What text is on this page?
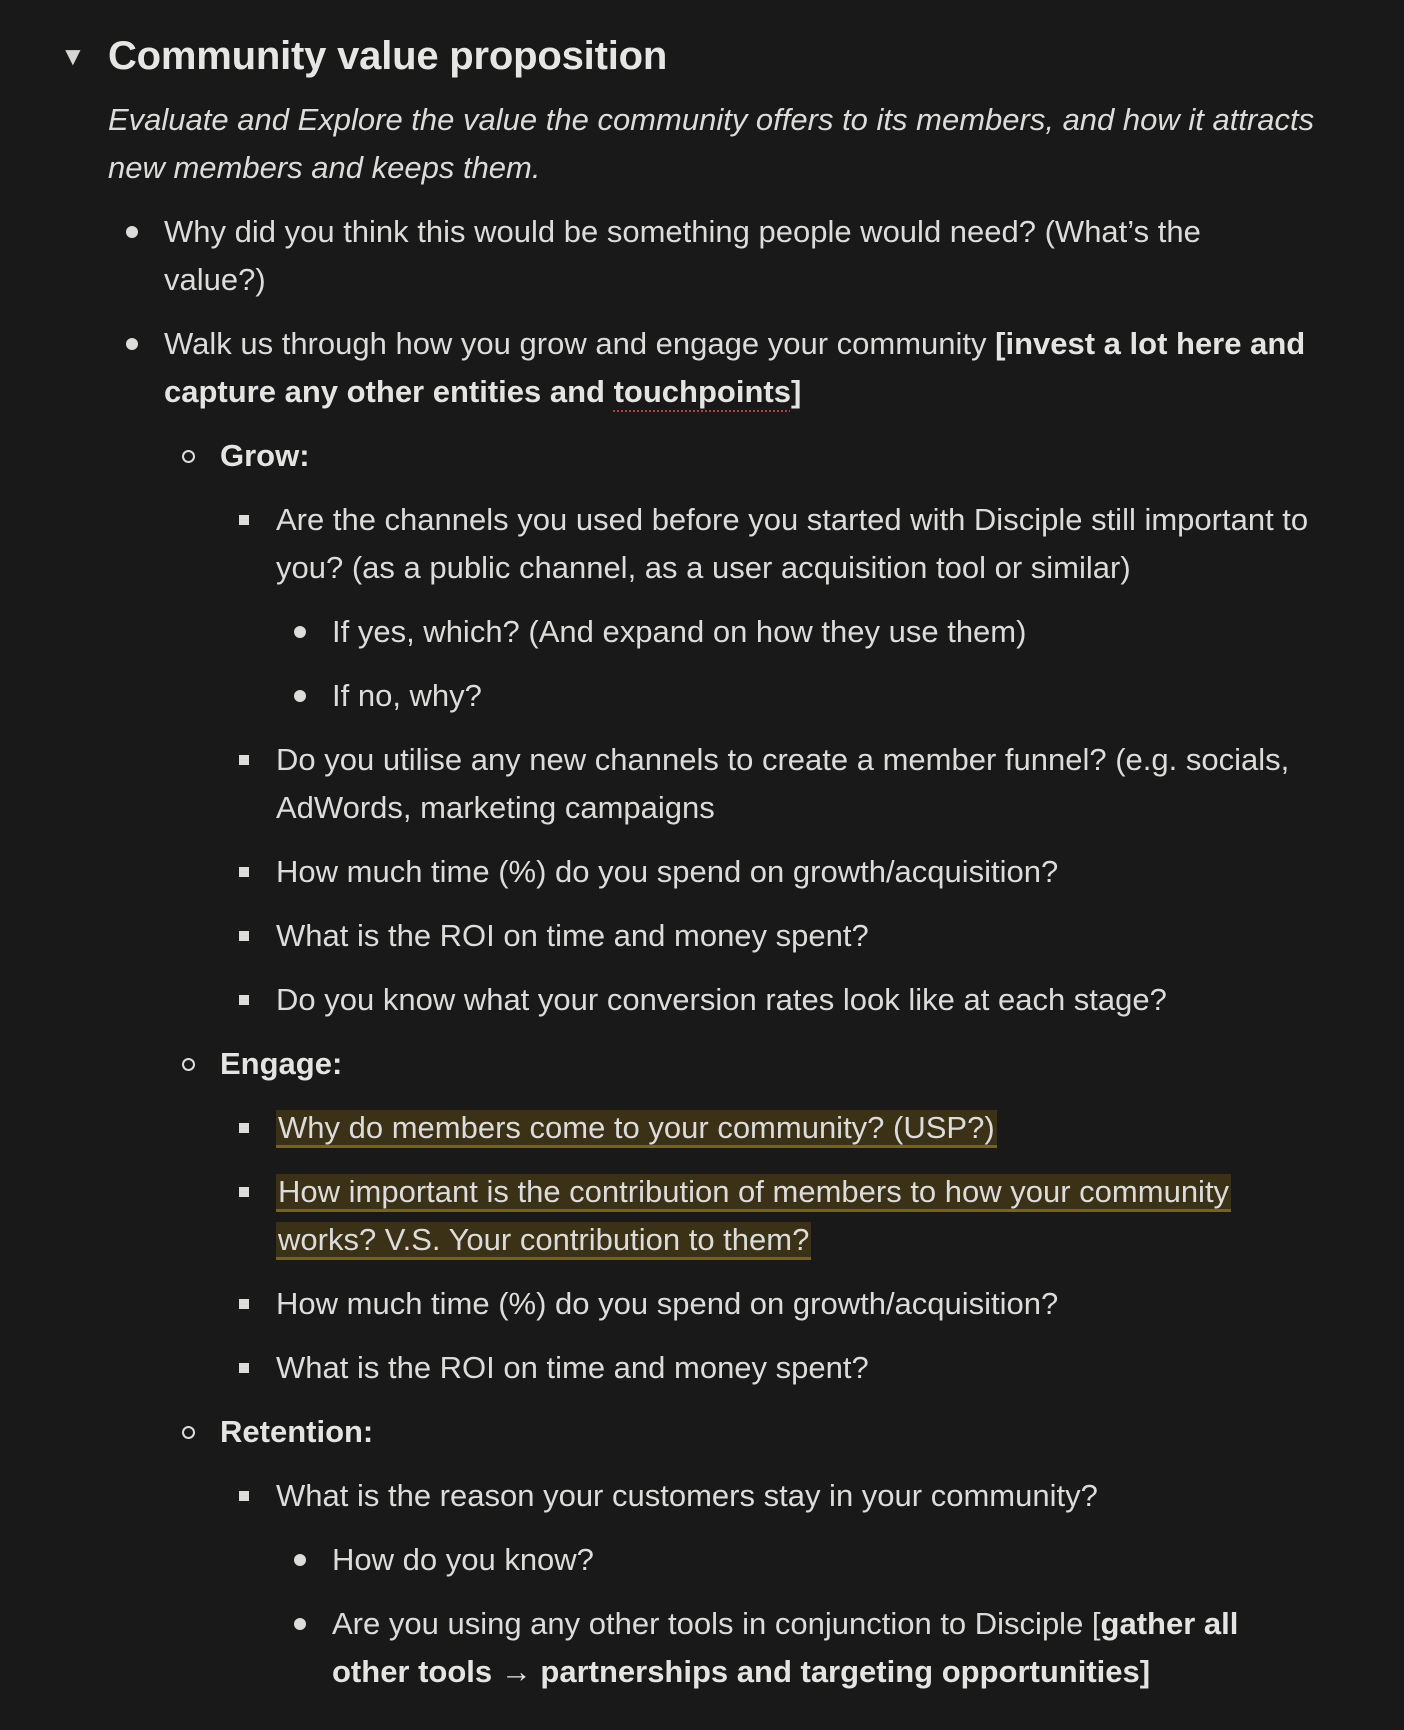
▼ Community value proposition
Evaluate and Explore the value the community offers to its members, and how it attracts new members and keeps them.
Why did you think this would be something people would need? (What’s the value?)
Walk us through how you grow and engage your community [invest a lot here and capture any other entities and touchpoints]
Grow:
Are the channels you used before you started with Disciple still important to you? (as a public channel, as a user acquisition tool or similar)
If yes, which? (And expand on how they use them)
If no, why?
Do you utilise any new channels to create a member funnel? (e.g. socials, AdWords, marketing campaigns
How much time (%) do you spend on growth/acquisition?
What is the ROI on time and money spent?
Do you know what your conversion rates look like at each stage?
Engage:
Why do members come to your community? (USP?)
How important is the contribution of members to how your community
works? V.S. Your contribution to them?
How much time (%) do you spend on growth/acquisition?
What is the ROI on time and money spent?
Retention:
What is the reason your customers stay in your community?
How do you know?
Are you using any other tools in conjunction to Disciple [gather all other tools → partnerships and targeting opportunities]
